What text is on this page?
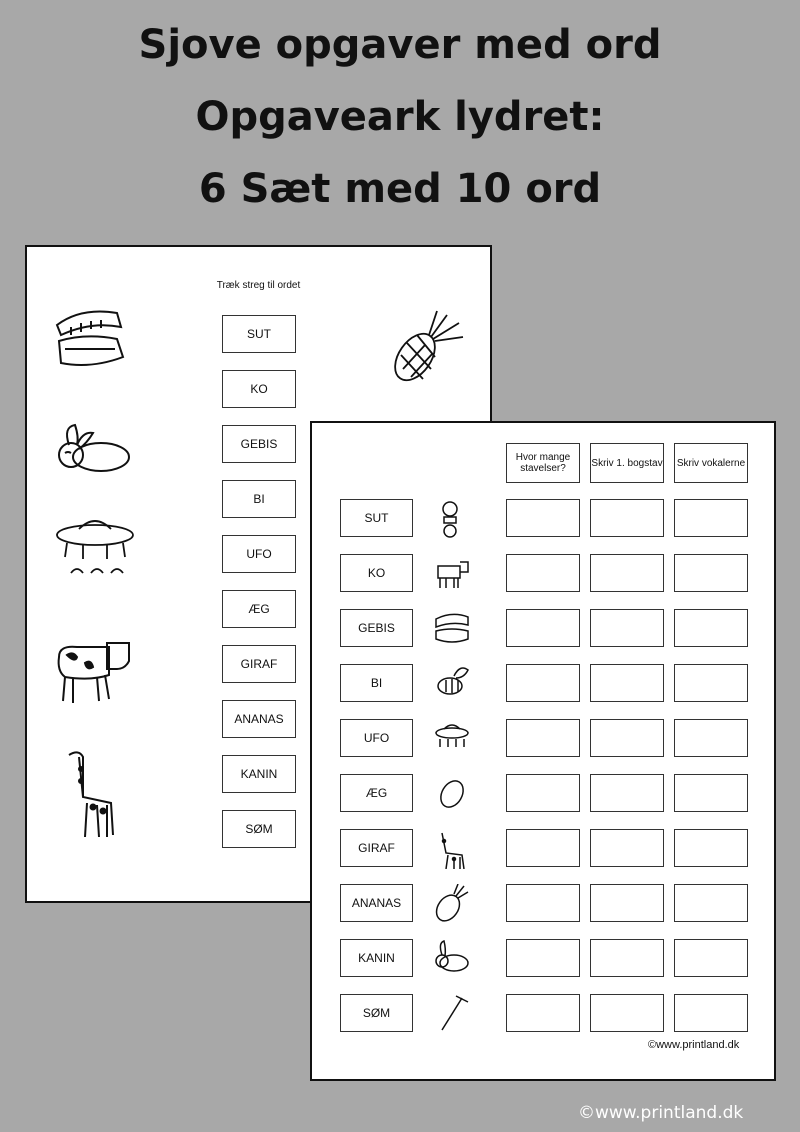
Sjove opgaver med ord
Opgaveark lydret:
6 Sæt med 10 ord
Træk streg til ordet
SUT
KO
GEBIS
BI
UFO
ÆG
GIRAF
ANANAS
KANIN
SØM
Hvor mange stavelser?	Skriv 1. bogstav Skriv vokalerne
SUT
KO
GEBIS
BI
UFO
ÆG
GIRAF
ANANAS
KANIN
SØM
©www.printland.dk
©www.printland.dk
